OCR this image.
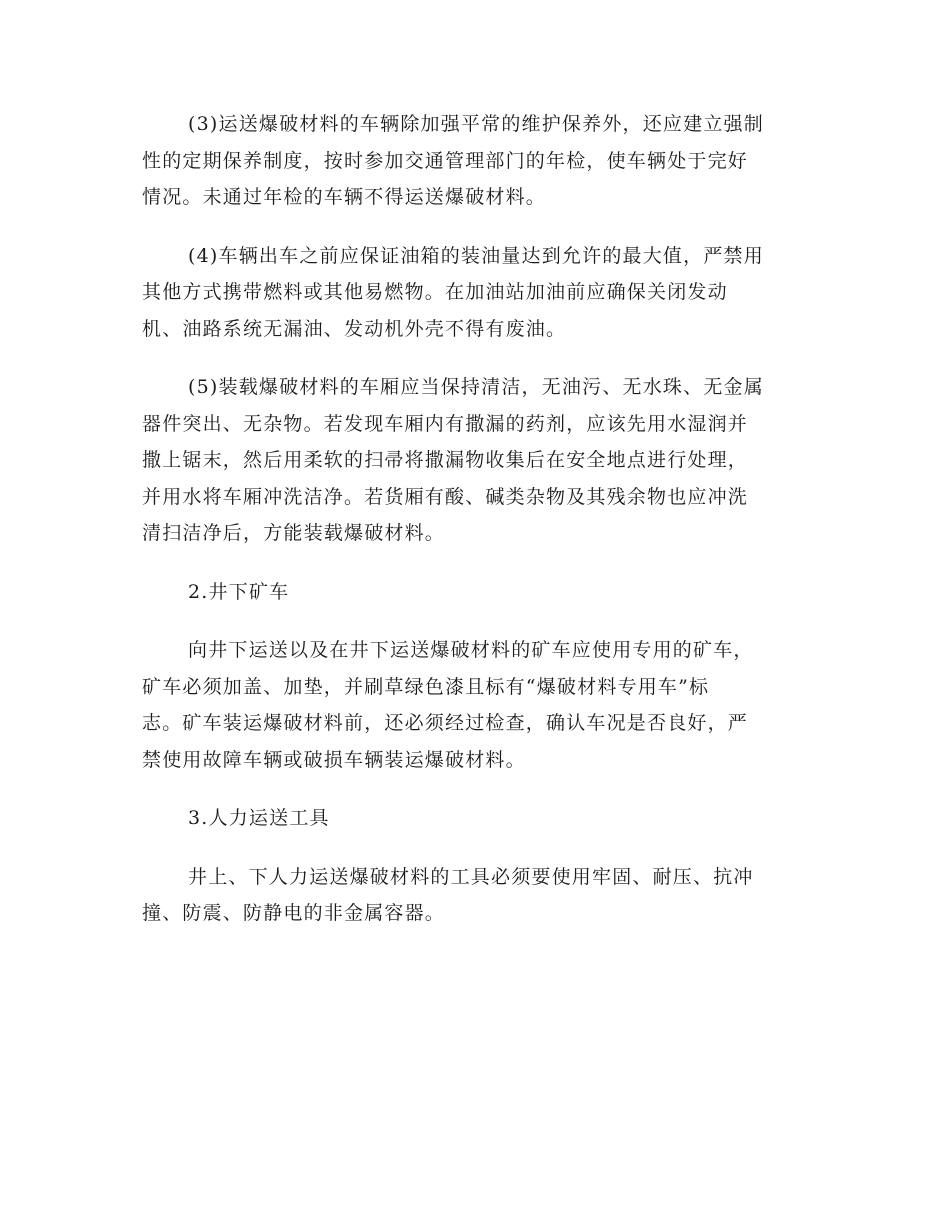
(3)运送爆破材料的车辆除加强平常的维护保养外，还应建立强制
性的定期保养制度，按时参加交通管理部门的年检，使车辆处于完好
情况。未通过年检的车辆不得运送爆破材料。

(4)车辆出车之前应保证油箱的装油量达到允许的最大值，严禁用
其他方式携带燃料或其他易燃物。在加油站加油前应确保关闭发动
机、油路系统无漏油、发动机外壳不得有废油。

(5)装载爆破材料的车厢应当保持清洁，无油污、无水珠、无金属
器件突出、无杂物。若发现车厢内有撒漏的药剂，应该先用水湿润并
撒上锯末，然后用柔软的扫帚将撒漏物收集后在安全地点进行处理，
并用水将车厢冲洗洁净。若货厢有酸、碱类杂物及其残余物也应冲洗
清扫洁净后，方能装载爆破材料。

2.井下矿车

向井下运送以及在井下运送爆破材料的矿车应使用专用的矿车，
矿车必须加盖、加垫，并刷草绿色漆且标有“爆破材料专用车”标
志。矿车装运爆破材料前，还必须经过检查，确认车况是否良好，严
禁使用故障车辆或破损车辆装运爆破材料。

3.人力运送工具

井上、下人力运送爆破材料的工具必须要使用牢固、耐压、抗冲
撞、防震、防静电的非金属容器。
